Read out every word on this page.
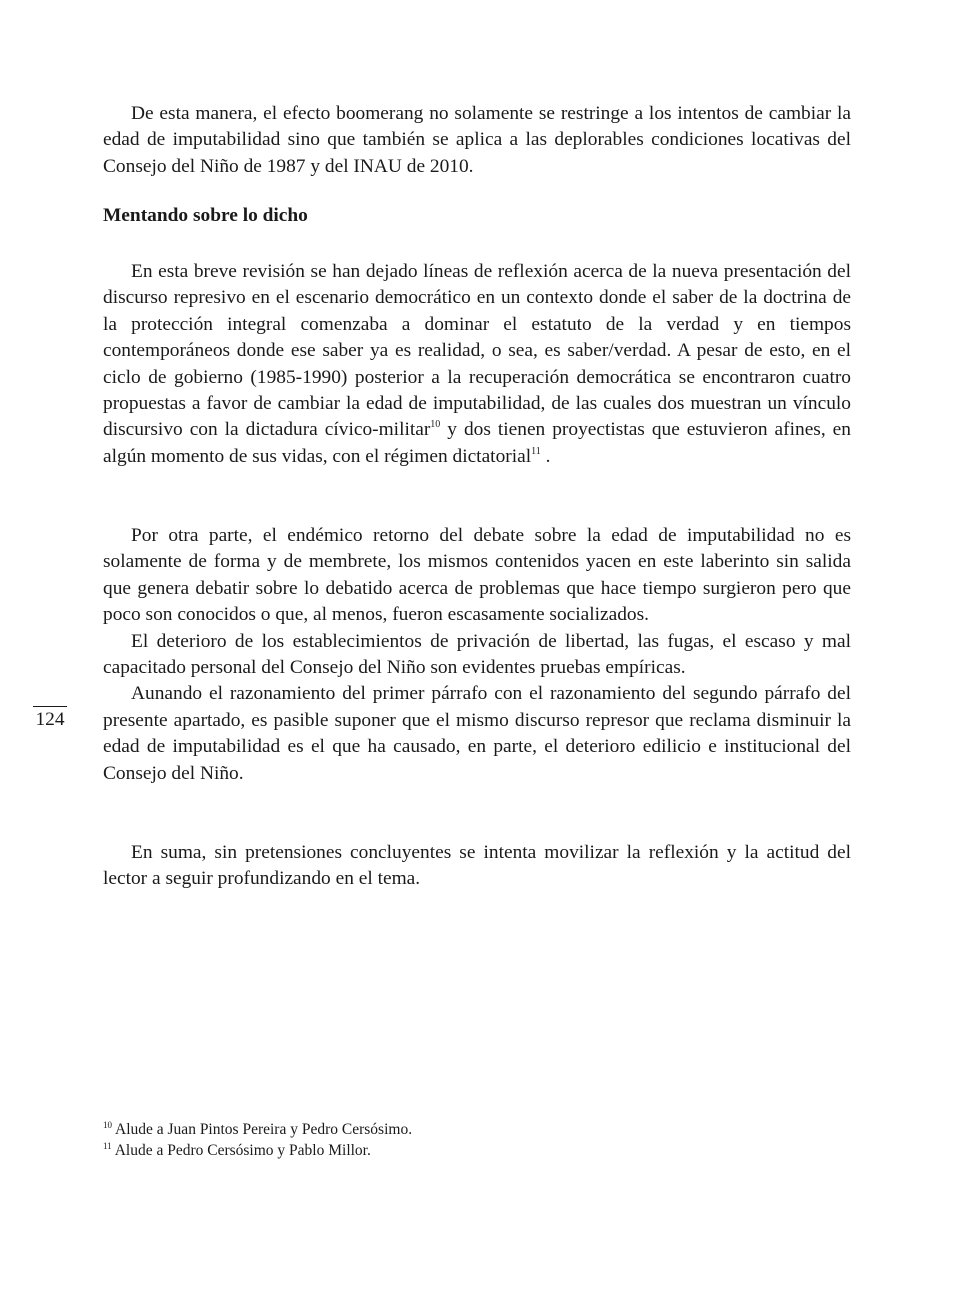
De esta manera, el efecto boomerang no solamente se restringe a los intentos de cambiar la edad de imputabilidad sino que también se aplica a las deplorables condiciones locativas del Consejo del Niño de 1987 y del INAU de 2010.

Mentando sobre lo dicho

En esta breve revisión se han dejado líneas de reflexión acerca de la nueva presentación del discurso represivo en el escenario democrático en un contexto donde el saber de la doctrina de la protección integral comenzaba a dominar el estatuto de la verdad y en tiempos contemporáneos donde ese saber ya es realidad, o sea, es saber/verdad. A pesar de esto, en el ciclo de gobierno (1985-1990) posterior a la recuperación democrática se encontraron cuatro propuestas a favor de cambiar la edad de imputabilidad, de las cuales dos muestran un vínculo discursivo con la dictadura cívico-militar$^{10}$ y dos tienen proyectistas que estuvieron afines, en algún momento de sus vidas, con el régimen dictatorial$^{11}$ .

Por otra parte, el endémico retorno del debate sobre la edad de imputabilidad no es solamente de forma y de membrete, los mismos contenidos yacen en este laberinto sin salida que genera debatir sobre lo debatido acerca de problemas que hace tiempo surgieron pero que poco son conocidos o que, al menos, fueron escasamente socializados.

El deterioro de los establecimientos de privación de libertad, las fugas, el escaso y mal capacitado personal del Consejo del Niño son evidentes pruebas empíricas.

Aunando el razonamiento del primer párrafo con el razonamiento del segundo párrafo del presente apartado, es pasible suponer que el mismo discurso represor que reclama disminuir la edad de imputabilidad es el que ha causado, en parte, el deterioro edilicio e institucional del Consejo del Niño.

En suma, sin pretensiones concluyentes se intenta movilizar la reflexión y la actitud del lector a seguir profundizando en el tema.

124

$^{10}$ Alude a Juan Pintos Pereira y Pedro Cersósimo.

$^{11}$ Alude a Pedro Cersósimo y Pablo Millor.
